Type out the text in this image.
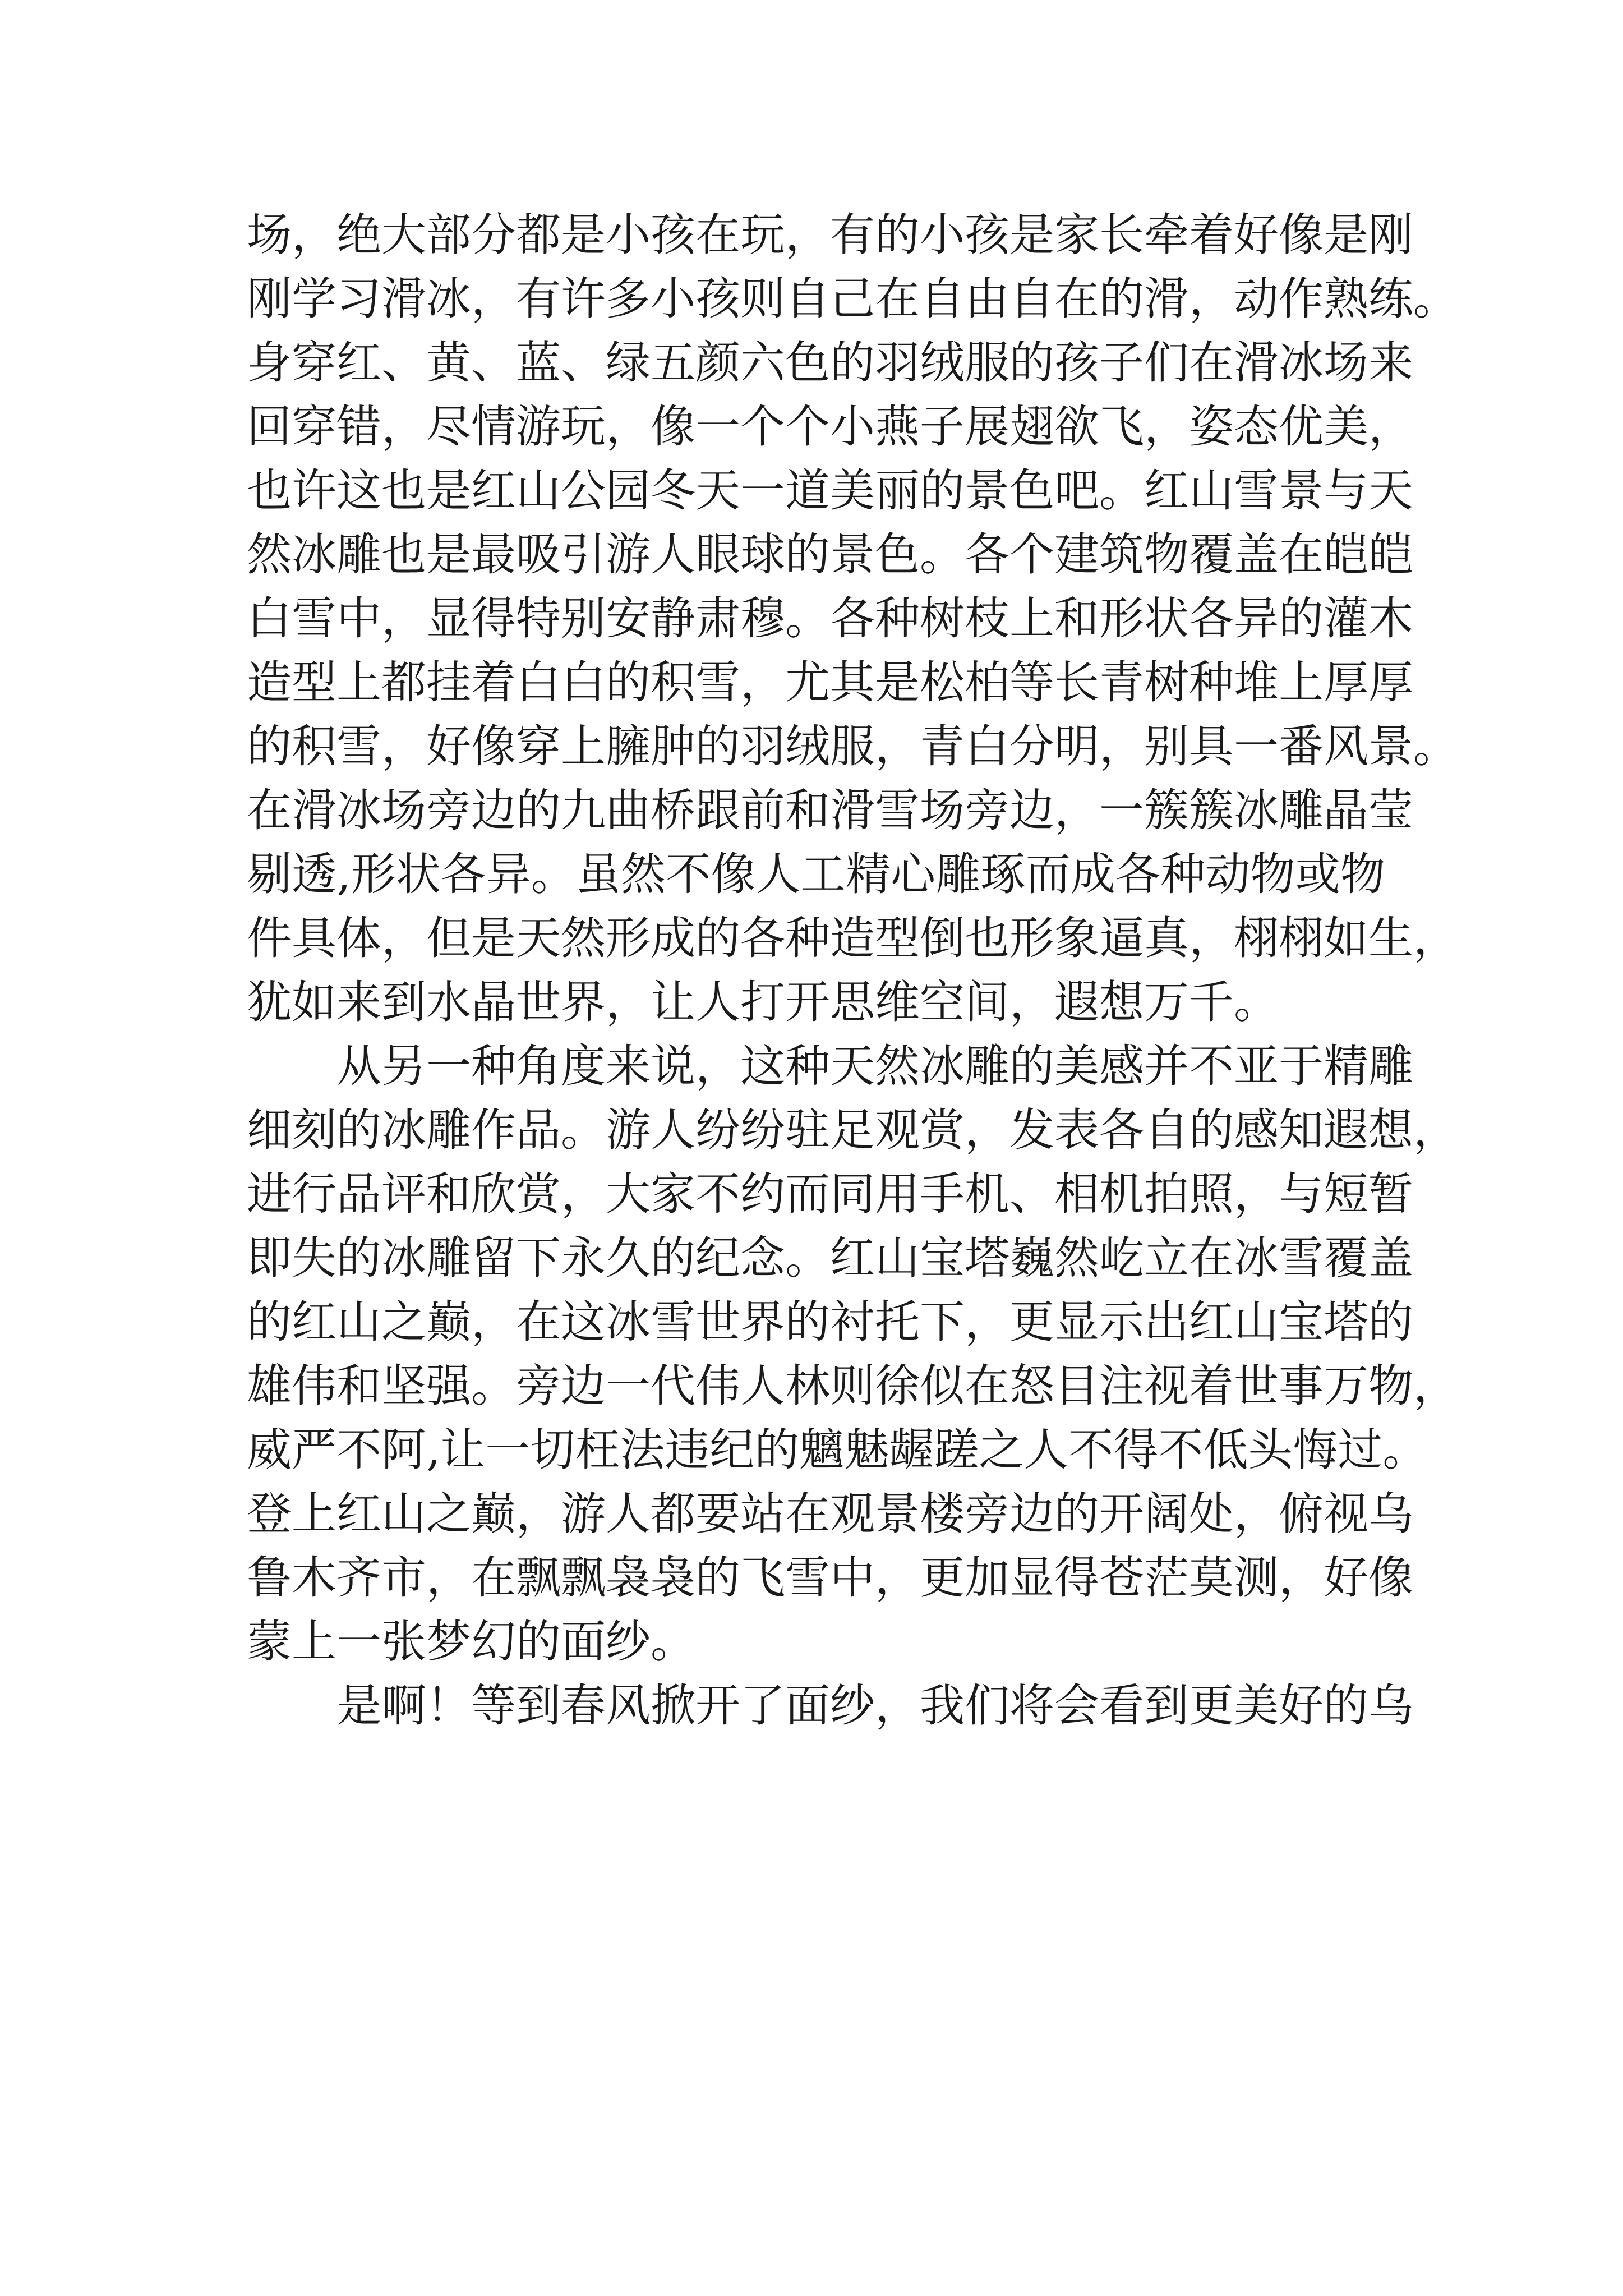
场，绝大部分都是小孩在玩，有的小孩是家长牵着好像是刚
刚学习滑冰，有许多小孩则自己在自由自在的滑，动作熟练。
身穿红、黄、蓝、绿五颜六色的羽绒服的孩子们在滑冰场来
回穿错，尽情游玩，像一个个小燕子展翅欲飞，姿态优美，
也许这也是红山公园冬天一道美丽的景色吧。红山雪景与天
然冰雕也是最吸引游人眼球的景色。各个建筑物覆盖在皑皑
白雪中，显得特别安静肃穆。各种树枝上和形状各异的灌木
造型上都挂着白白的积雪，尤其是松柏等长青树种堆上厚厚
的积雪，好像穿上臃肿的羽绒服，青白分明，别具一番风景。
在滑冰场旁边的九曲桥跟前和滑雪场旁边，一簇簇冰雕晶莹
剔透,形状各异。虽然不像人工精心雕琢而成各种动物或物
件具体，但是天然形成的各种造型倒也形象逼真，栩栩如生，
犹如来到水晶世界，让人打开思维空间，遐想万千。
从另一种角度来说，这种天然冰雕的美感并不亚于精雕
细刻的冰雕作品。游人纷纷驻足观赏，发表各自的感知遐想，
进行品评和欣赏，大家不约而同用手机、相机拍照，与短暂
即失的冰雕留下永久的纪念。红山宝塔巍然屹立在冰雪覆盖
的红山之巅，在这冰雪世界的衬托下，更显示出红山宝塔的
雄伟和坚强。旁边一代伟人林则徐似在怒目注视着世事万物，
威严不阿,让一切枉法违纪的魑魅龌蹉之人不得不低头悔过。
登上红山之巅，游人都要站在观景楼旁边的开阔处，俯视乌
鲁木齐市，在飘飘袅袅的飞雪中，更加显得苍茫莫测，好像
蒙上一张梦幻的面纱。
是啊！等到春风掀开了面纱，我们将会看到更美好的乌
